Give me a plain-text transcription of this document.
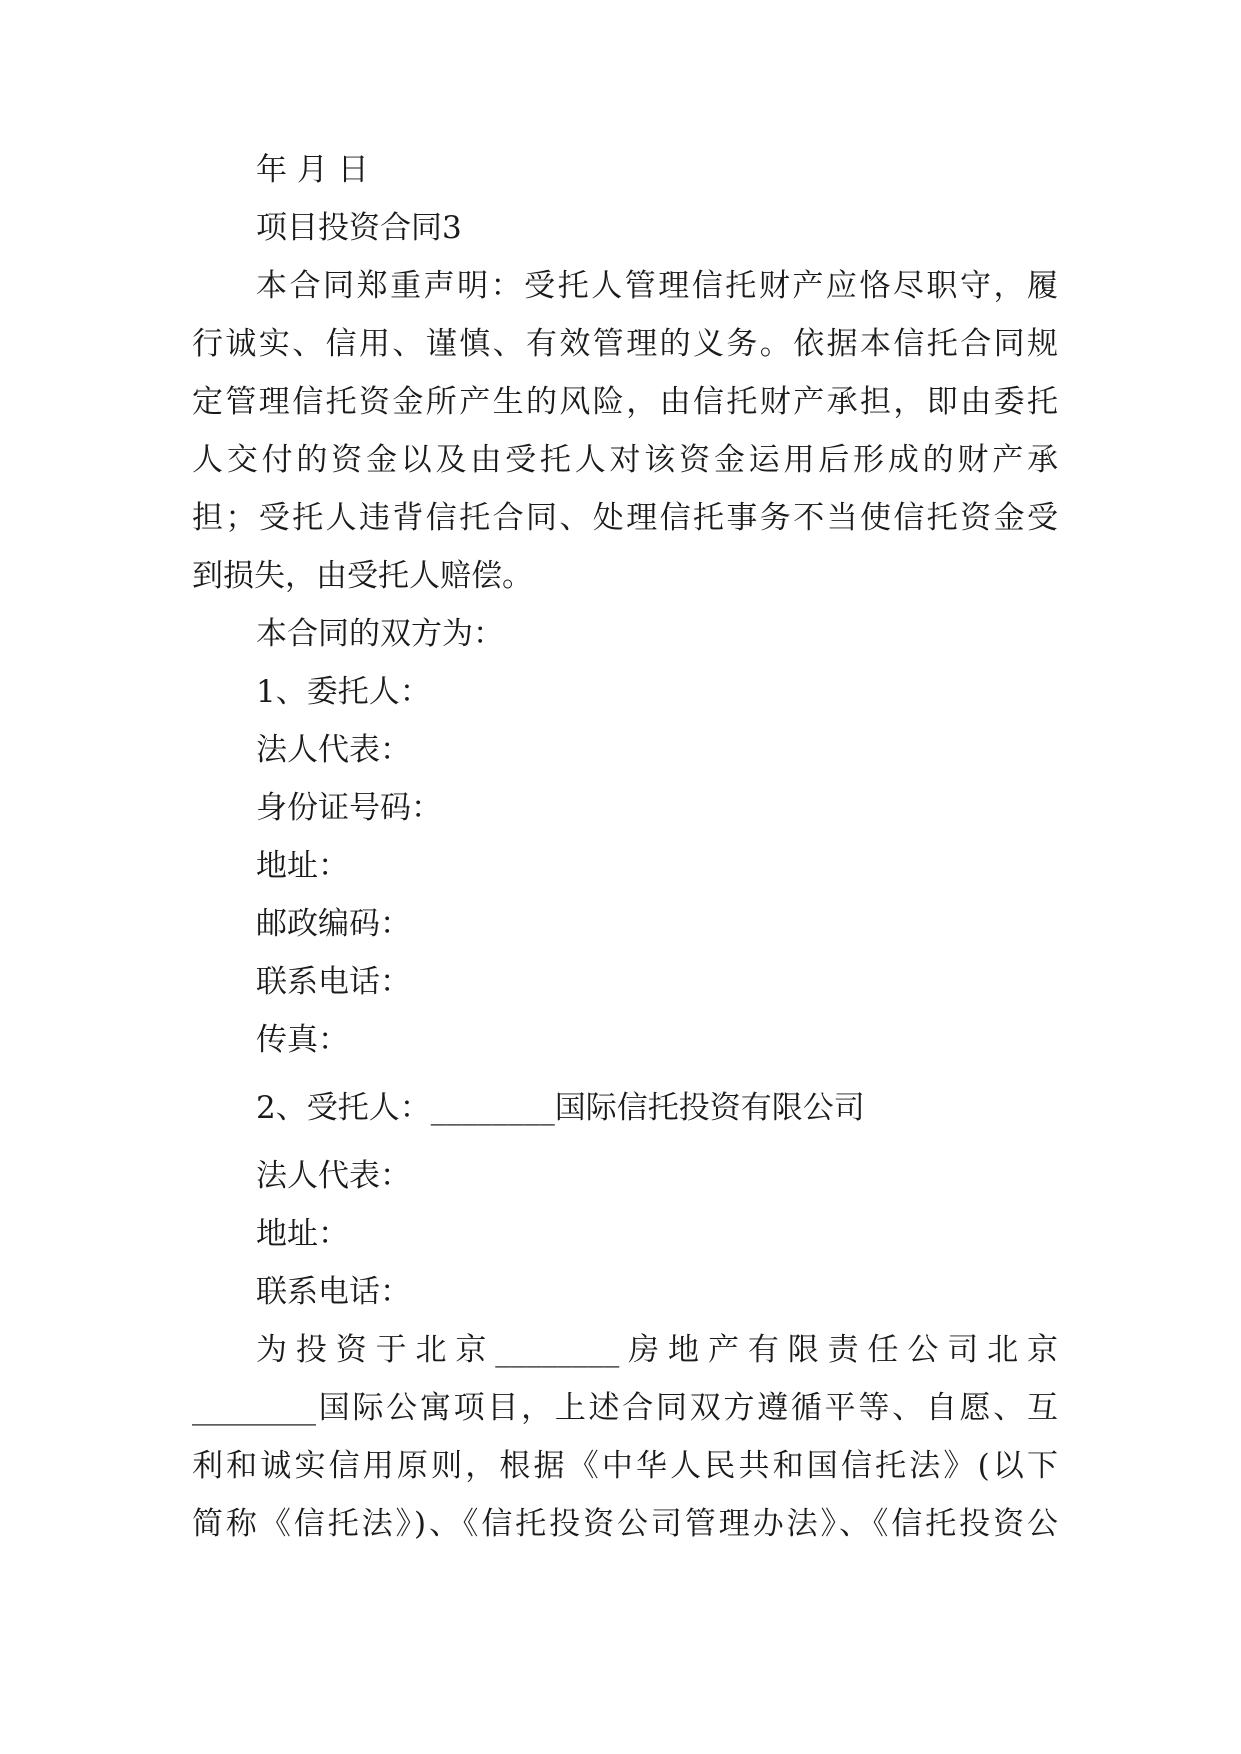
年 月 日
项目投资合同3
本合同郑重声明：受托人管理信托财产应恪尽职守，履
行诚实、信用、谨慎、有效管理的义务。依据本信托合同规
定管理信托资金所产生的风险，由信托财产承担，即由委托
人交付的资金以及由受托人对该资金运用后形成的财产承
担；受托人违背信托合同、处理信托事务不当使信托资金受
到损失，由受托人赔偿。
本合同的双方为：
1、委托人：
法人代表：
身份证号码：
地址：
邮政编码：
联系电话：
传真：
2、受托人：________国际信托投资有限公司
法人代表：
地址：
联系电话：
为投资于北京________房地产有限责任公司北京
________国际公寓项目，上述合同双方遵循平等、自愿、互
利和诚实信用原则，根据《中华人民共和国信托法》(以下
简称《信托法》)、《信托投资公司管理办法》、《信托投资公
